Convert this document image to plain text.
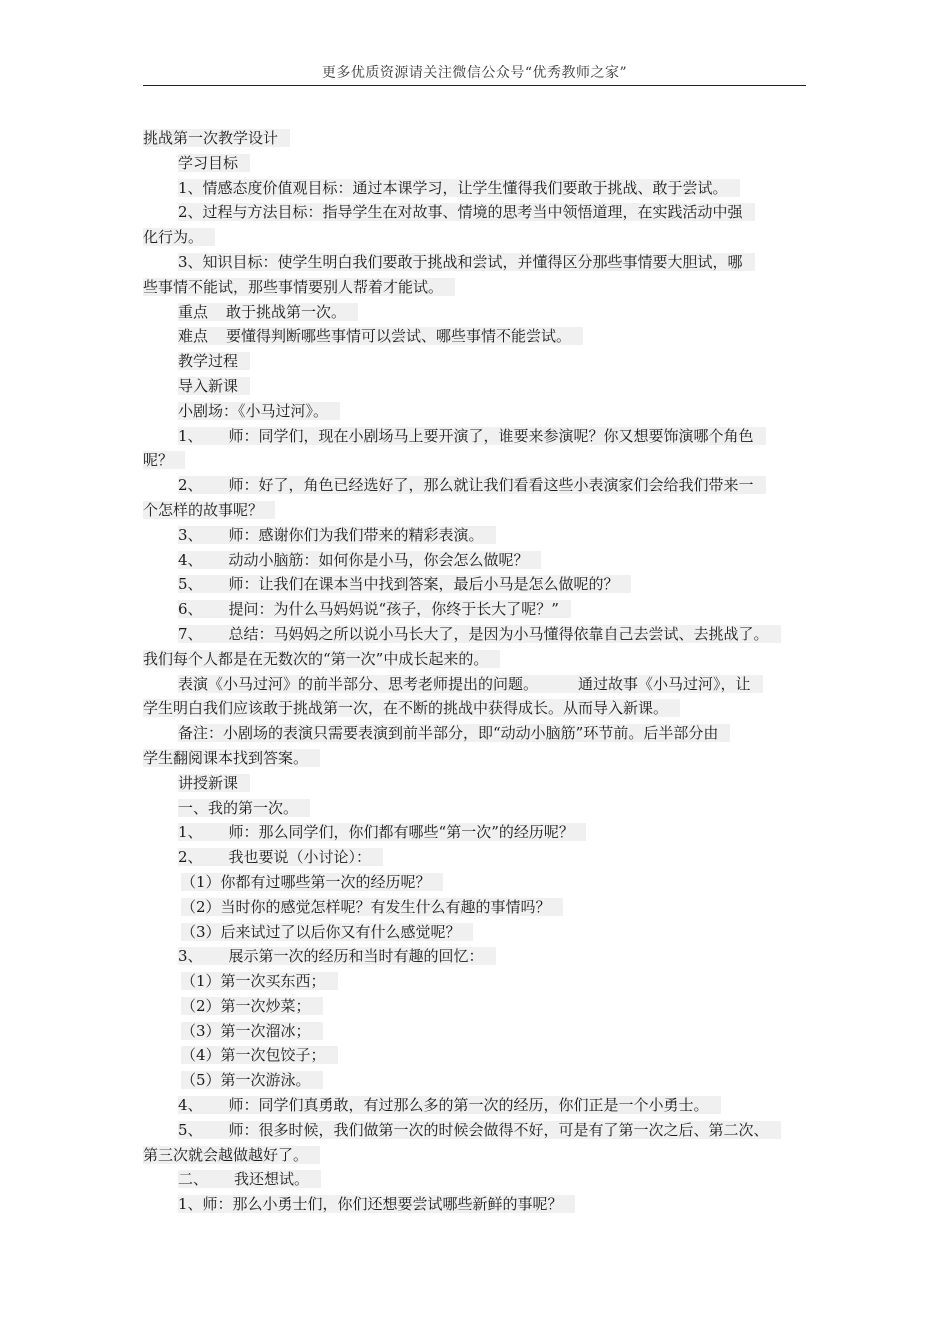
更多优质资源请关注微信公众号“优秀教师之家”
挑战第一次教学设计
学习目标
1、情感态度价值观目标：通过本课学习，让学生懂得我们要敢于挑战、敢于尝试。
2、过程与方法目标：指导学生在对故事、情境的思考当中领悟道理，在实践活动中强
化行为。
3、知识目标：使学生明白我们要敢于挑战和尝试，并懂得区分那些事情要大胆试，哪
些事情不能试，那些事情要别人帮着才能试。
重点 敢于挑战第一次。
难点 要懂得判断哪些事情可以尝试、哪些事情不能尝试。
教学过程
导入新课
小剧场：《小马过河》。
1、 师：同学们，现在小剧场马上要开演了，谁要来参演呢？你又想要饰演哪个角色
呢？
2、 师：好了，角色已经选好了，那么就让我们看看这些小表演家们会给我们带来一
个怎样的故事呢？
3、 师：感谢你们为我们带来的精彩表演。
4、 动动小脑筋：如何你是小马，你会怎么做呢？
5、 师：让我们在课本当中找到答案，最后小马是怎么做呢的？
6、 提问：为什么马妈妈说“孩子，你终于长大了呢？”
7、 总结：马妈妈之所以说小马长大了，是因为小马懂得依靠自己去尝试、去挑战了。
我们每个人都是在无数次的“第一次”中成长起来的。
表演《小马过河》的前半部分、思考老师提出的问题。	通过故事《小马过河》，让
学生明白我们应该敢于挑战第一次，在不断的挑战中获得成长。从而导入新课。
备注：小剧场的表演只需要表演到前半部分，即“动动小脑筋”环节前。后半部分由
学生翻阅课本找到答案。
讲授新课
一、我的第一次。
1、 师：那么同学们，你们都有哪些“第一次”的经历呢？
2、 我也要说（小讨论）：
（1）你都有过哪些第一次的经历呢？
（2）当时你的感觉怎样呢？有发生什么有趣的事情吗？
（3）后来试过了以后你又有什么感觉呢？
3、 展示第一次的经历和当时有趣的回忆：
（1）第一次买东西；
（2）第一次炒菜；
（3）第一次溜冰；
（4）第一次包饺子；
（5）第一次游泳。
4、 师：同学们真勇敢，有过那么多的第一次的经历，你们正是一个小勇士。
5、 师：很多时候，我们做第一次的时候会做得不好，可是有了第一次之后、第二次、
第三次就会越做越好了。
二、 我还想试。
1、师：那么小勇士们，你们还想要尝试哪些新鲜的事呢？
